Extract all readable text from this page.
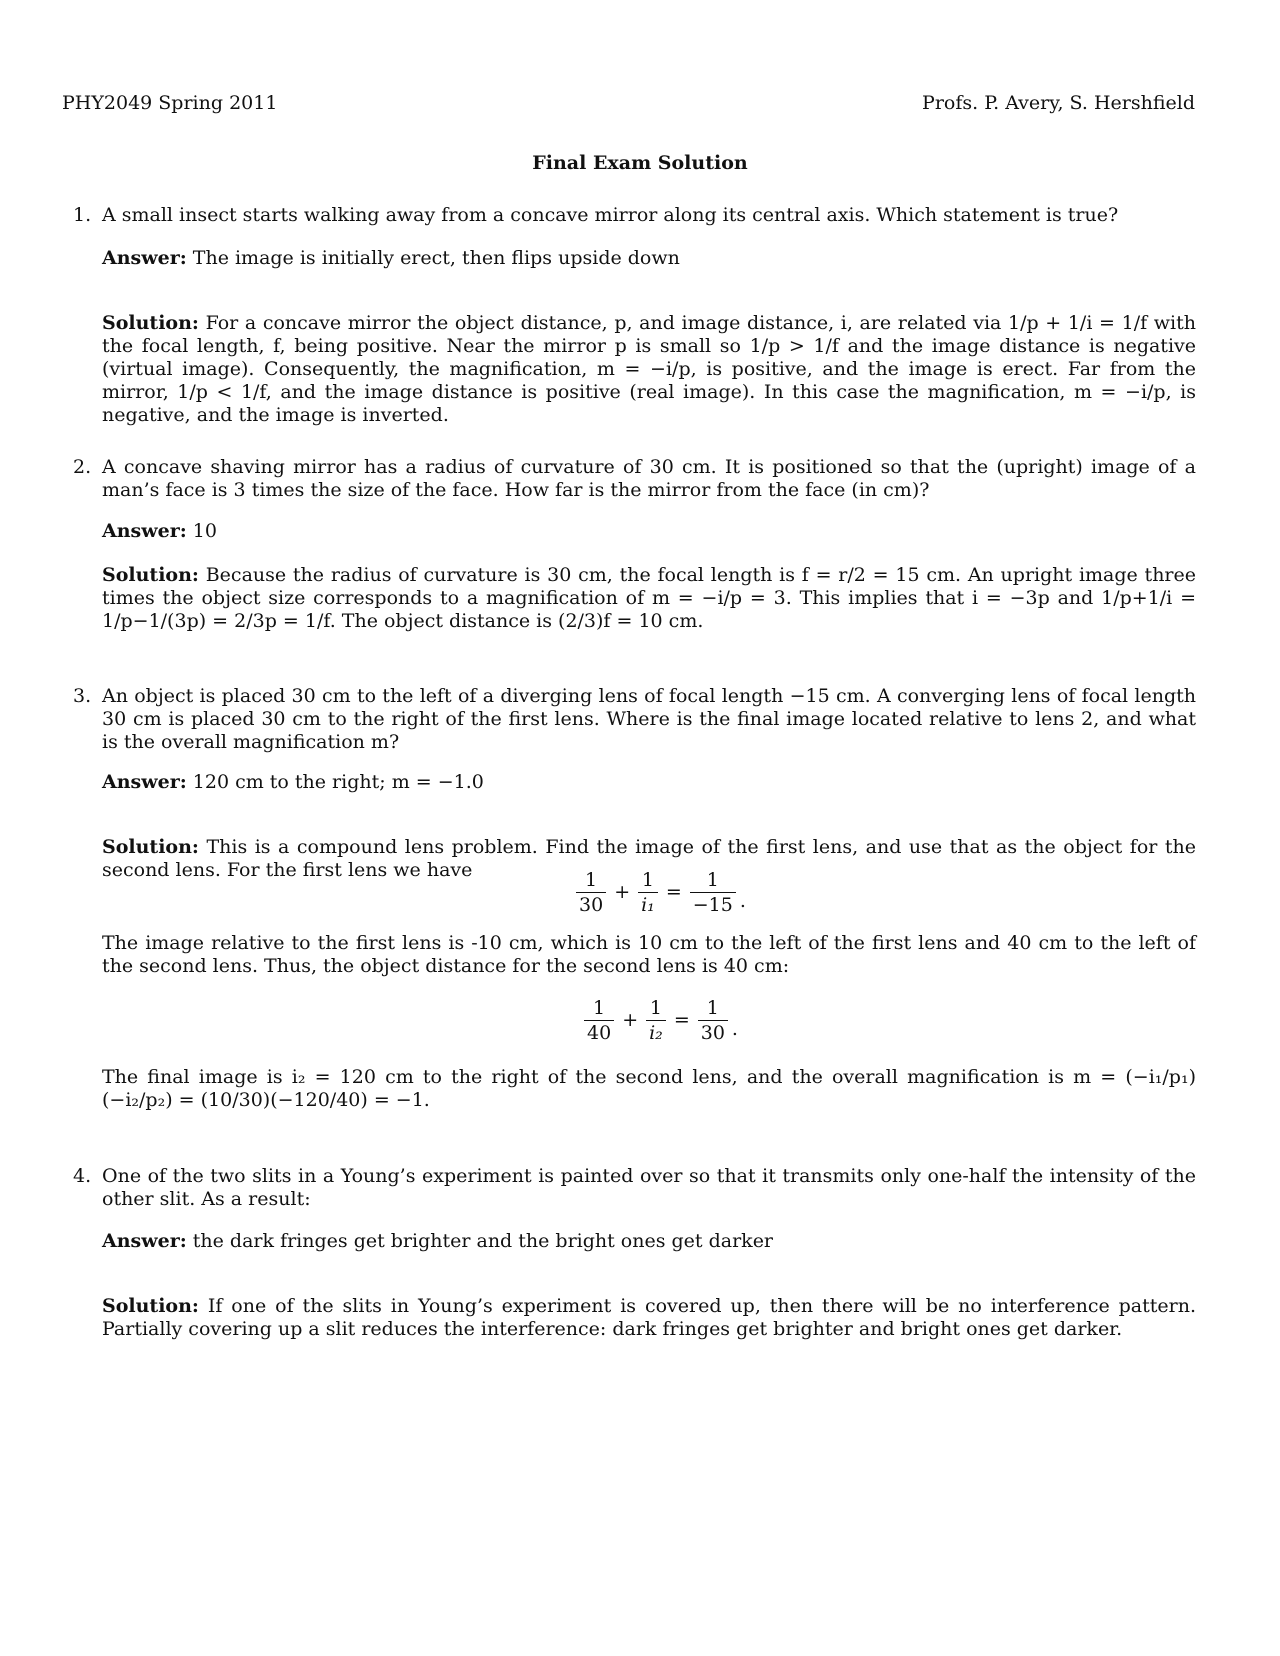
PHY2049 Spring 2011	Profs. P. Avery, S. Hershfield
Final Exam Solution
1. A small insect starts walking away from a concave mirror along its central axis. Which statement is true?
Answer: The image is initially erect, then flips upside down
Solution: For a concave mirror the object distance, p, and image distance, i, are related via 1/p + 1/i = 1/f with the focal length, f, being positive. Near the mirror p is small so 1/p > 1/f and the image distance is negative (virtual image). Consequently, the magnification, m = −i/p, is positive, and the image is erect. Far from the mirror, 1/p < 1/f, and the image distance is positive (real image). In this case the magnification, m = −i/p, is negative, and the image is inverted.
2. A concave shaving mirror has a radius of curvature of 30 cm. It is positioned so that the (upright) image of a man’s face is 3 times the size of the face. How far is the mirror from the face (in cm)?
Answer: 10
Solution: Because the radius of curvature is 30 cm, the focal length is f = r/2 = 15 cm. An upright image three times the object size corresponds to a magnification of m = −i/p = 3. This implies that i = −3p and 1/p+1/i = 1/p−1/(3p) = 2/3p = 1/f. The object distance is (2/3)f = 10 cm.
3. An object is placed 30 cm to the left of a diverging lens of focal length −15 cm. A converging lens of focal length 30 cm is placed 30 cm to the right of the first lens. Where is the final image located relative to lens 2, and what is the overall magnification m?
Answer: 120 cm to the right; m = −1.0
Solution: This is a compound lens problem. Find the image of the first lens, and use that as the object for the second lens. For the first lens we have	$\frac{1}{30} + \frac{1}{\text{i₁}} = \frac{1}{-15}$ .
The image relative to the first lens is -10 cm, which is 10 cm to the left of the first lens and 40 cm to the left of the second lens. Thus, the object distance for the second lens is 40 cm:
$\frac{1}{40} + \frac{1}{\text{i₂}} = \frac{1}{30}$ .
The final image is i₂ = 120 cm to the right of the second lens, and the overall magnification is m = (−i₁/p₁)(−i₂/p₂) = (10/30)(−120/40) = −1.
4. One of the two slits in a Young’s experiment is painted over so that it transmits only one-half the intensity of the other slit. As a result:
Answer: the dark fringes get brighter and the bright ones get darker
Solution: If one of the slits in Young’s experiment is covered up, then there will be no interference pattern. Partially covering up a slit reduces the interference: dark fringes get brighter and bright ones get darker.
